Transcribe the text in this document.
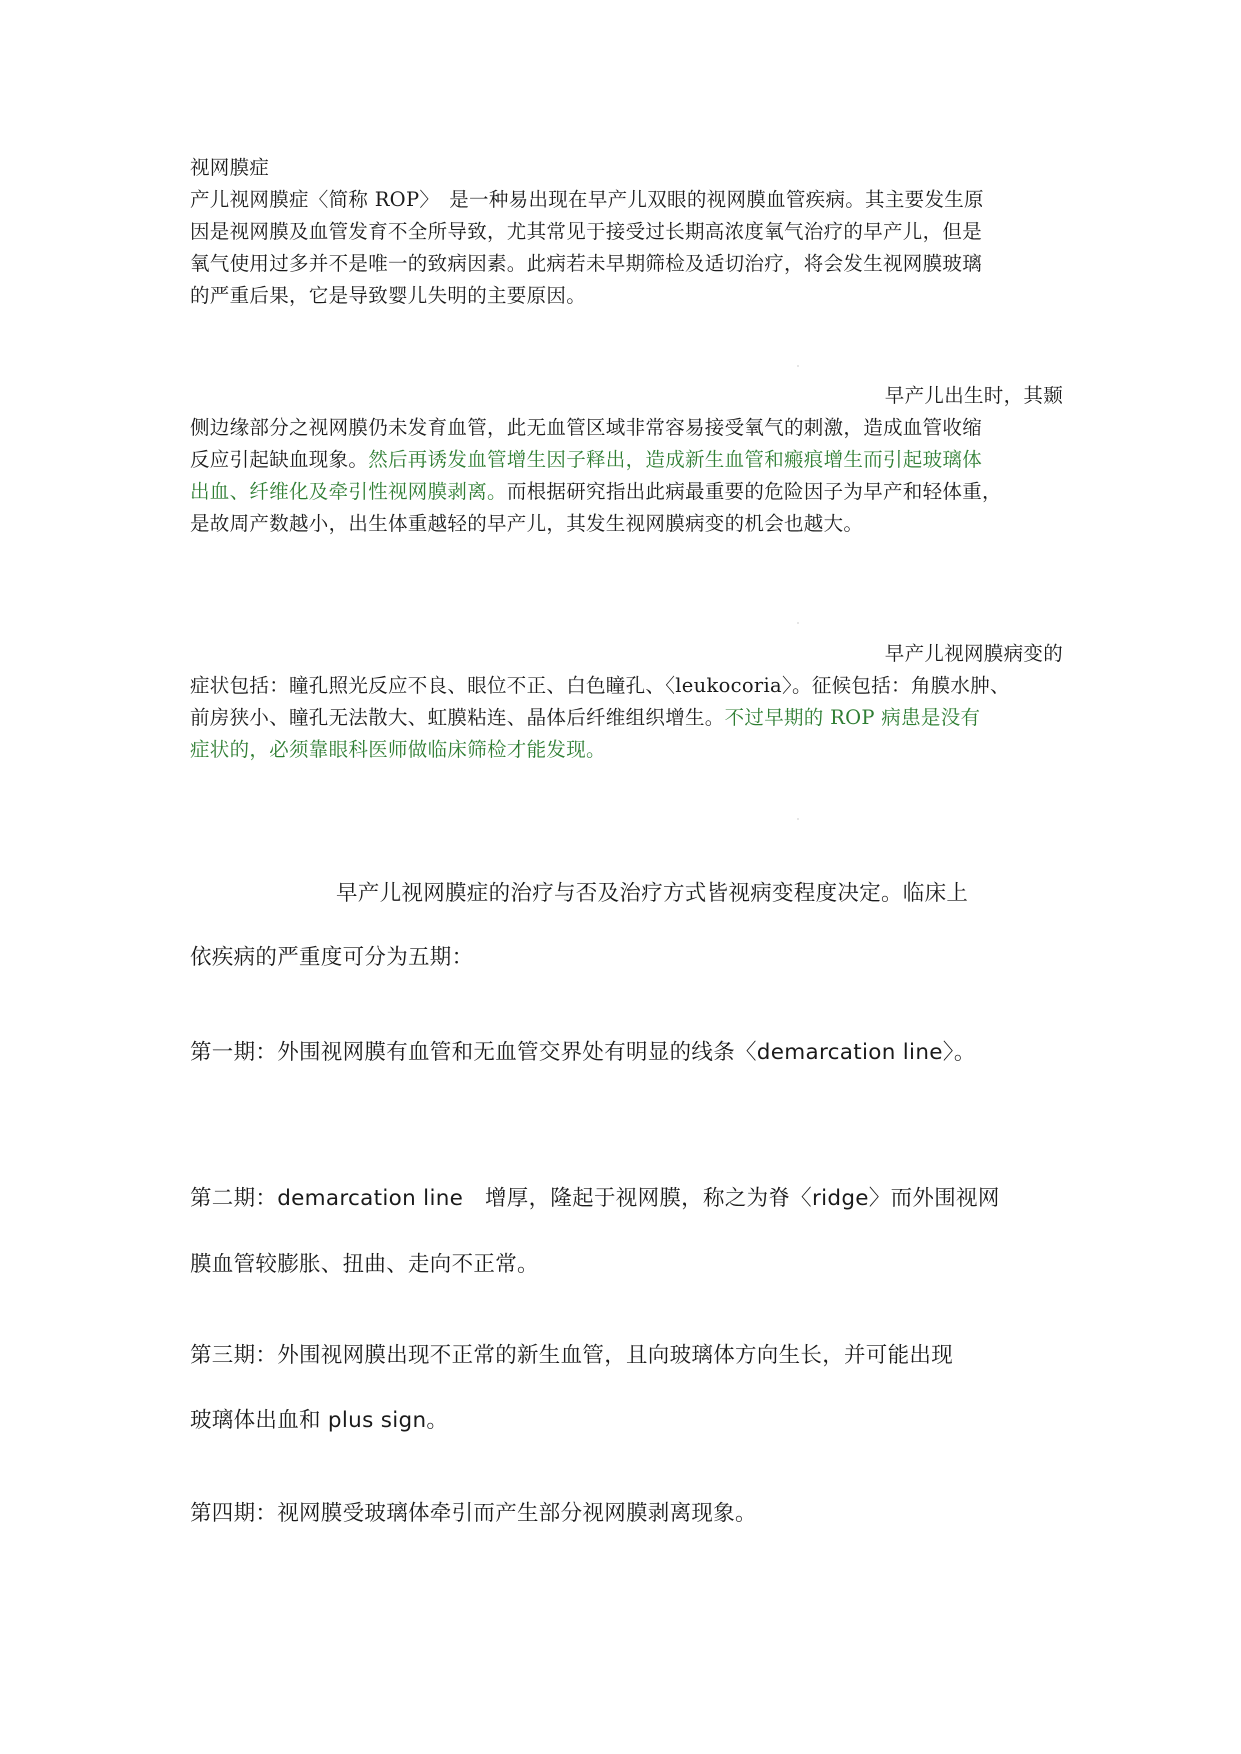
视网膜症
产儿视网膜症〈简称 ROP〉　是一种易出现在早产儿双眼的视网膜血管疾病。其主要发生原
因是视网膜及血管发育不全所导致，尤其常见于接受过长期高浓度氧气治疗的早产儿，但是
氧气使用过多并不是唯一的致病因素。此病若未早期筛检及适切治疗，将会发生视网膜玻璃
的严重后果，它是导致婴儿失明的主要原因。
早产儿出生时，其颞
侧边缘部分之视网膜仍未发育血管，此无血管区域非常容易接受氧气的刺激，造成血管收缩
反应引起缺血现象。然后再诱发血管增生因子释出，造成新生血管和瘢痕增生而引起玻璃体
出血、纤维化及牵引性视网膜剥离。而根据研究指出此病最重要的危险因子为早产和轻体重，
是故周产数越小，出生体重越轻的早产儿，其发生视网膜病变的机会也越大。
早产儿视网膜病变的
症状包括：瞳孔照光反应不良、眼位不正、白色瞳孔、〈leukocoria〉。征候包括：角膜水肿、
前房狭小、瞳孔无法散大、虹膜粘连、晶体后纤维组织增生。不过早期的 ROP 病患是没有
症状的，必须靠眼科医师做临床筛检才能发现。
早产儿视网膜症的治疗与否及治疗方式皆视病变程度决定。临床上
依疾病的严重度可分为五期：
第一期：外围视网膜有血管和无血管交界处有明显的线条〈demarcation line〉。
第二期：demarcation line　增厚，隆起于视网膜，称之为脊〈ridge〉而外围视网
膜血管较膨胀、扭曲、走向不正常。
第三期：外围视网膜出现不正常的新生血管，且向玻璃体方向生长，并可能出现
玻璃体出血和 plus sign。
第四期：视网膜受玻璃体牵引而产生部分视网膜剥离现象。
